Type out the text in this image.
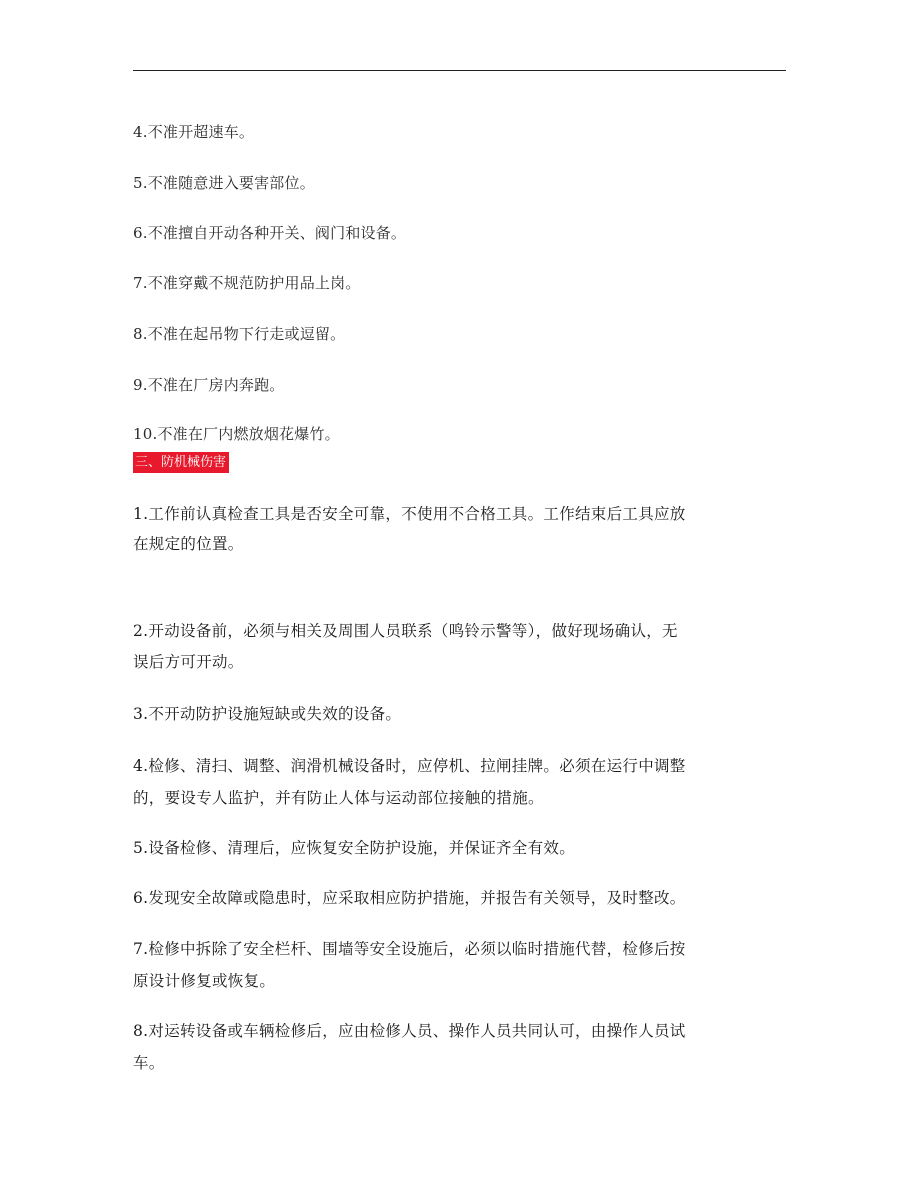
4.不准开超速车。
5.不准随意进入要害部位。
6.不准擅自开动各种开关、阀门和设备。
7.不准穿戴不规范防护用品上岗。
8.不准在起吊物下行走或逗留。
9.不准在厂房内奔跑。
10.不准在厂内燃放烟花爆竹。
三、防机械伤害
1.工作前认真检查工具是否安全可靠，不使用不合格工具。工作结束后工具应放
在规定的位置。
2.开动设备前，必须与相关及周围人员联系（鸣铃示警等），做好现场确认，无
误后方可开动。
3.不开动防护设施短缺或失效的设备。
4.检修、清扫、调整、润滑机械设备时，应停机、拉闸挂牌。必须在运行中调整
的，要设专人监护，并有防止人体与运动部位接触的措施。
5.设备检修、清理后，应恢复安全防护设施，并保证齐全有效。
6.发现安全故障或隐患时，应采取相应防护措施，并报告有关领导，及时整改。
7.检修中拆除了安全栏杆、围墙等安全设施后，必须以临时措施代替，检修后按
原设计修复或恢复。
8.对运转设备或车辆检修后，应由检修人员、操作人员共同认可，由操作人员试
车。
